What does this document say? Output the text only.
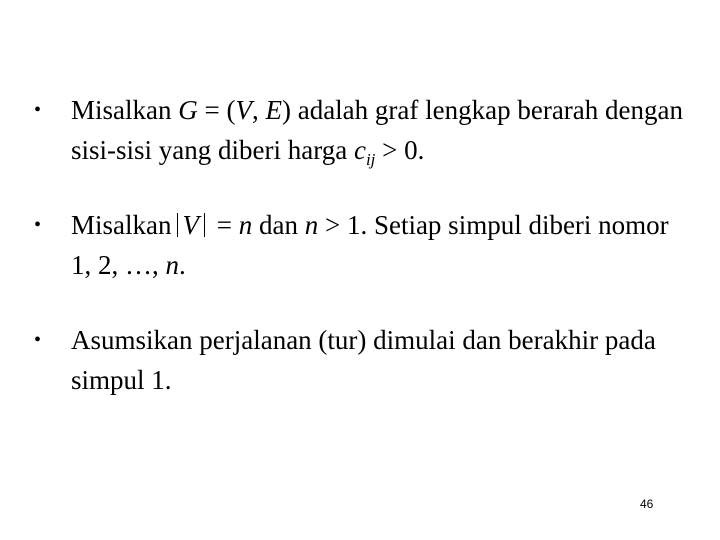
•	Misalkan G = (V, E) adalah graf lengkap berarah dengan sisi-sisi yang diberi harga $c_{ij} > 0$.
•	Misalkan V = n dan n > 1. Setiap simpul diberi nomor 1, 2, …, n.
•	Asumsikan perjalanan (tur) dimulai dan berakhir pada simpul 1.
46
